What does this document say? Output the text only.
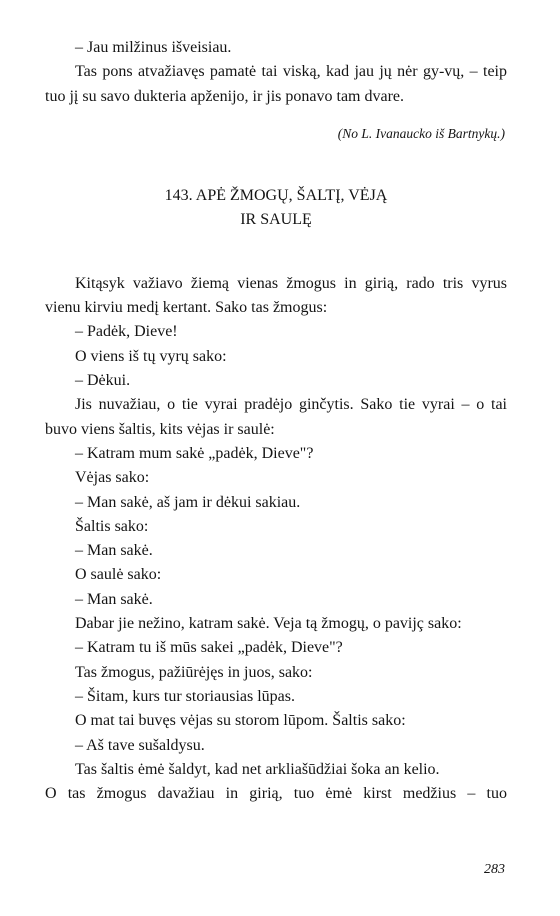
– Jau milžinus išveisiau.

Tas pons atvažiavęs pamatė tai viską, kad jau jų nėr gy-vų, – teip tuo jį su savo dukteria apženijo, ir jis ponavo tam dvare.

(No L. Ivanaucko iš Bartnykų.)

143. APĖ ŽMOGŲ, ŠALTĮ, VĖJĄ
IR SAULĘ

Kitąsyk važiavo žiemą vienas žmogus in girią, rado tris vyrus vienu kirviu medį kertant. Sako tas žmogus:

– Padėk, Dieve!

O viens iš tų vyrų sako:

– Dėkui.

Jis nuvažiau, o tie vyrai pradėjo ginčytis. Sako tie vyrai – o tai buvo viens šaltis, kits vėjas ir saulė:

– Katram mum sakė „padėk, Dieve"?

Vėjas sako:

– Man sakė, aš jam ir dėkui sakiau.

Šaltis sako:

– Man sakė.

O saulė sako:

– Man sakė.

Dabar jie nežino, katram sakė. Veja tą žmogų, o pavijç sako:

– Katram tu iš mūs sakei „padėk, Dieve"?

Tas žmogus, pažiūrėjęs in juos, sako:

– Šitam, kurs tur storiausias lūpas.

O mat tai buvęs vėjas su storom lūpom. Šaltis sako:

– Aš tave sušaldysu.

Tas šaltis ėmė šaldyt, kad net arkliašūdžiai šoka an kelio.

O tas žmogus davažiau in girią, tuo ėmė kirst medžius – tuo

283
